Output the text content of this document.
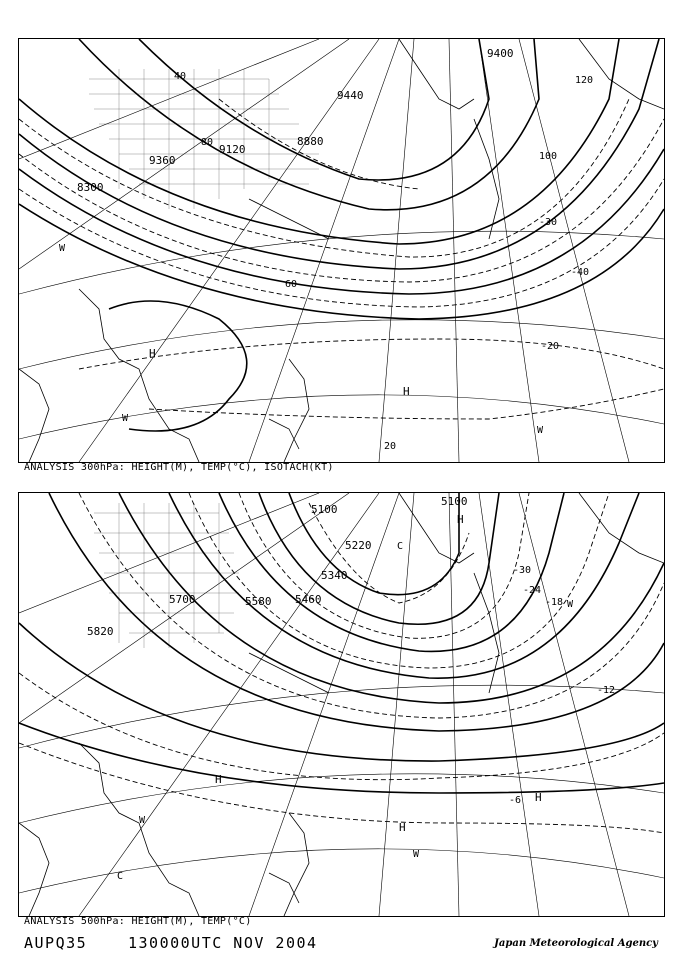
9400
9440
9120
8880
8300
9360
80
60
40
20
120
100
-30
-20
-40
H
H
W
W
W
ANALYSIS 300hPa: HEIGHT(M), TEMP(°C), ISOTACH(KT)
5100
5100
5220
5340
5460
5580
5700
5820
-30
-24
-18
-12
-6
H
H
H
H
W
W
W
C
C
ANALYSIS 500hPa: HEIGHT(M), TEMP(°C)
AUPQ35	130000UTC NOV 2004	Japan Meteorological Agency
